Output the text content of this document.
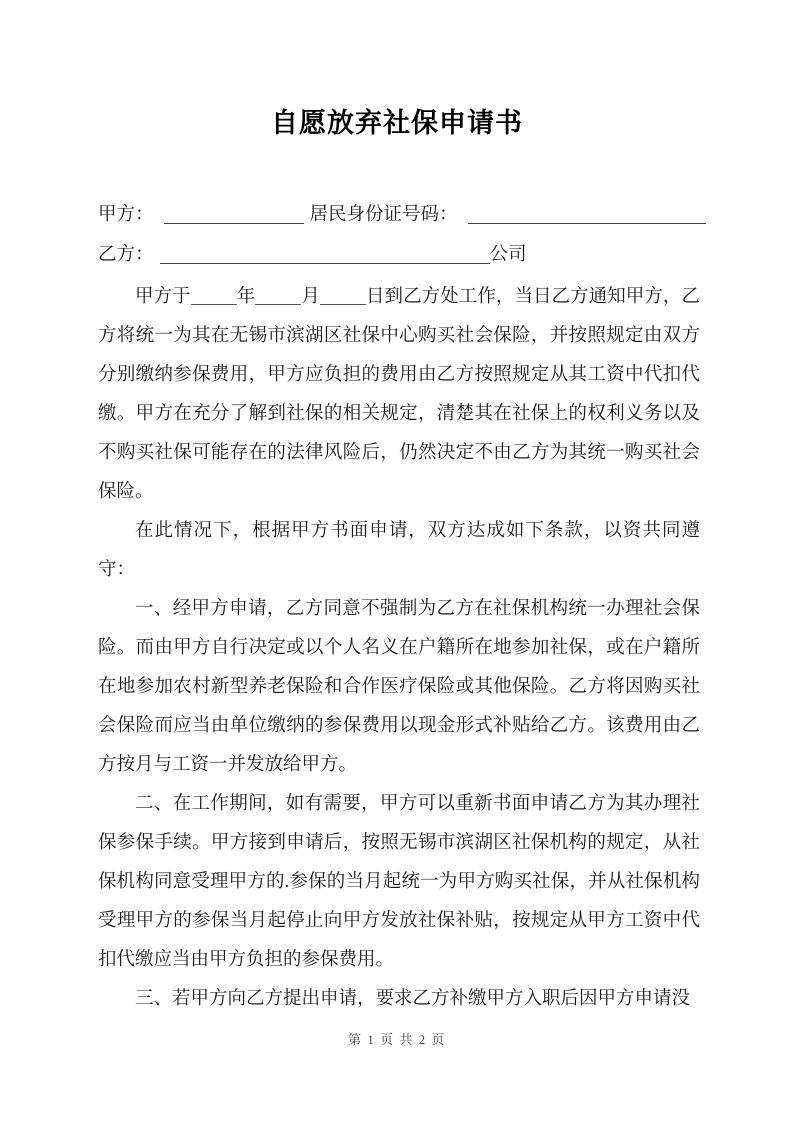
自愿放弃社保申请书
甲方：	居民身份证号码：
乙方：	公司

甲方于 年 月 日到乙方处工作，当日乙方通知甲方，乙方将统一为其在无锡市滨湖区社保中心购买社会保险，并按照规定由双方分别缴纳参保费用，甲方应负担的费用由乙方按照规定从其工资中代扣代缴。甲方在充分了解到社保的相关规定，清楚其在社保上的权利义务以及不购买社保可能存在的法律风险后，仍然决定不由乙方为其统一购买社会保险。

在此情况下，根据甲方书面申请，双方达成如下条款，以资共同遵守：

一、经甲方申请，乙方同意不强制为乙方在社保机构统一办理社会保险。而由甲方自行决定或以个人名义在户籍所在地参加社保，或在户籍所在地参加农村新型养老保险和合作医疗保险或其他保险。乙方将因购买社会保险而应当由单位缴纳的参保费用以现金形式补贴给乙方。该费用由乙方按月与工资一并发放给甲方。

二、在工作期间，如有需要，甲方可以重新书面申请乙方为其办理社保参保手续。甲方接到申请后，按照无锡市滨湖区社保机构的规定，从社保机构同意受理甲方的.参保的当月起统一为甲方购买社保，并从社保机构受理甲方的参保当月起停止向甲方发放社保补贴，按规定从甲方工资中代扣代缴应当由甲方负担的参保费用。

三、若甲方向乙方提出申请，要求乙方补缴甲方入职后因甲方申请没

第 1 页 共 2 页
